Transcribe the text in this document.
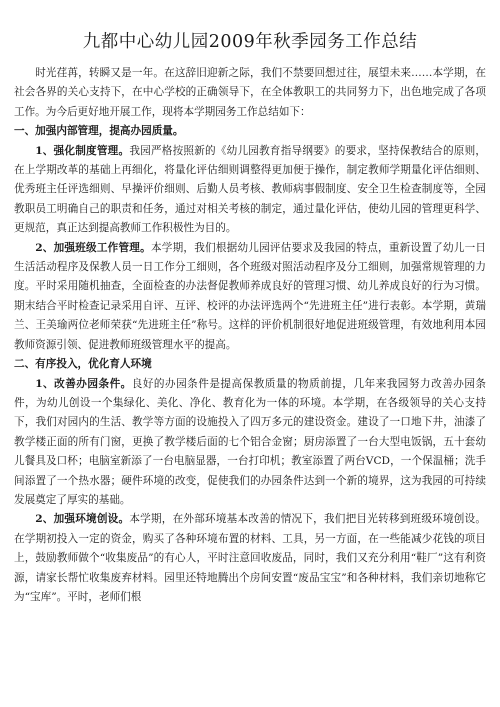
九都中心幼儿园2009年秋季园务工作总结

时光荏苒，转瞬又是一年。在这辞旧迎新之际，我们不禁要回想过往，展望未来……本学期，在社会各界的关心支持下，在中心学校的正确领导下，在全体教职工的共同努力下，出色地完成了各项工作。为今后更好地开展工作，现将本学期园务工作总结如下：

一、加强内部管理，提高办园质量。

1、强化制度管理。我园严格按照新的《幼儿园教育指导纲要》的要求，坚持保教结合的原则，在上学期改革的基础上再细化，将量化评估细则调整得更加便于操作，制定教师学期量化评估细则、优秀班主任评选细则、早操评价细则、后勤人员考核、教师病事假制度、安全卫生检查制度等，全园教职员工明确自己的职责和任务，通过对相关考核的制定，通过量化评估，使幼儿园的管理更科学、更规范，真正达到提高教师工作积极性为目的。

2、加强班级工作管理。本学期，我们根据幼儿园评估要求及我园的特点，重新设置了幼儿一日生活活动程序及保教人员一日工作分工细则，各个班级对照活动程序及分工细则，加强常规管理的力度。平时采用随机抽查，全面检查的办法督促教师养成良好的管理习惯、幼儿养成良好的行为习惯。期末结合平时检查记录采用自评、互评、校评的办法评选两个“先进班主任”进行表彰。本学期，黄瑞兰、王美瑜两位老师荣获“先进班主任”称号。这样的评价机制很好地促进班级管理，有效地利用本园教师资源引领、促进教师班级管理水平的提高。

二、有序投入，优化育人环境

1、改善办园条件。良好的办园条件是提高保教质量的物质前提，几年来我园努力改善办园条件，为幼儿创设一个集绿化、美化、净化、教育化为一体的环境。本学期，在各级领导的关心支持下，我们对园内的生活、教学等方面的设施投入了四万多元的建设资金。建设了一口地下井，油漆了教学楼正面的所有门窗，更换了教学楼后面的七个铝合金窗；厨房添置了一台大型电饭锅，五十套幼儿餐具及口杯；电脑室新添了一台电脑显器，一台打印机；教室添置了两台VCD，一个保温桶；洗手间添置了一个热水器；硬件环境的改变，促使我们的办园条件达到一个新的境界，这为我园的可持续发展奠定了厚实的基础。

2、加强环境创设。本学期，在外部环境基本改善的情况下，我们把目光转移到班级环境创设。在学期初投入一定的资金，购买了各种环境布置的材料、工具，另一方面，在一些能减少花钱的项目上，鼓励教师做个“收集废品”的有心人，平时注意回收废品，同时，我们又充分利用“鞋厂”这有利资源，请家长帮忙收集废弃材料。园里还特地腾出个房间安置“废品宝宝”和各种材料，我们亲切地称它为“宝库”。平时，老师们根
